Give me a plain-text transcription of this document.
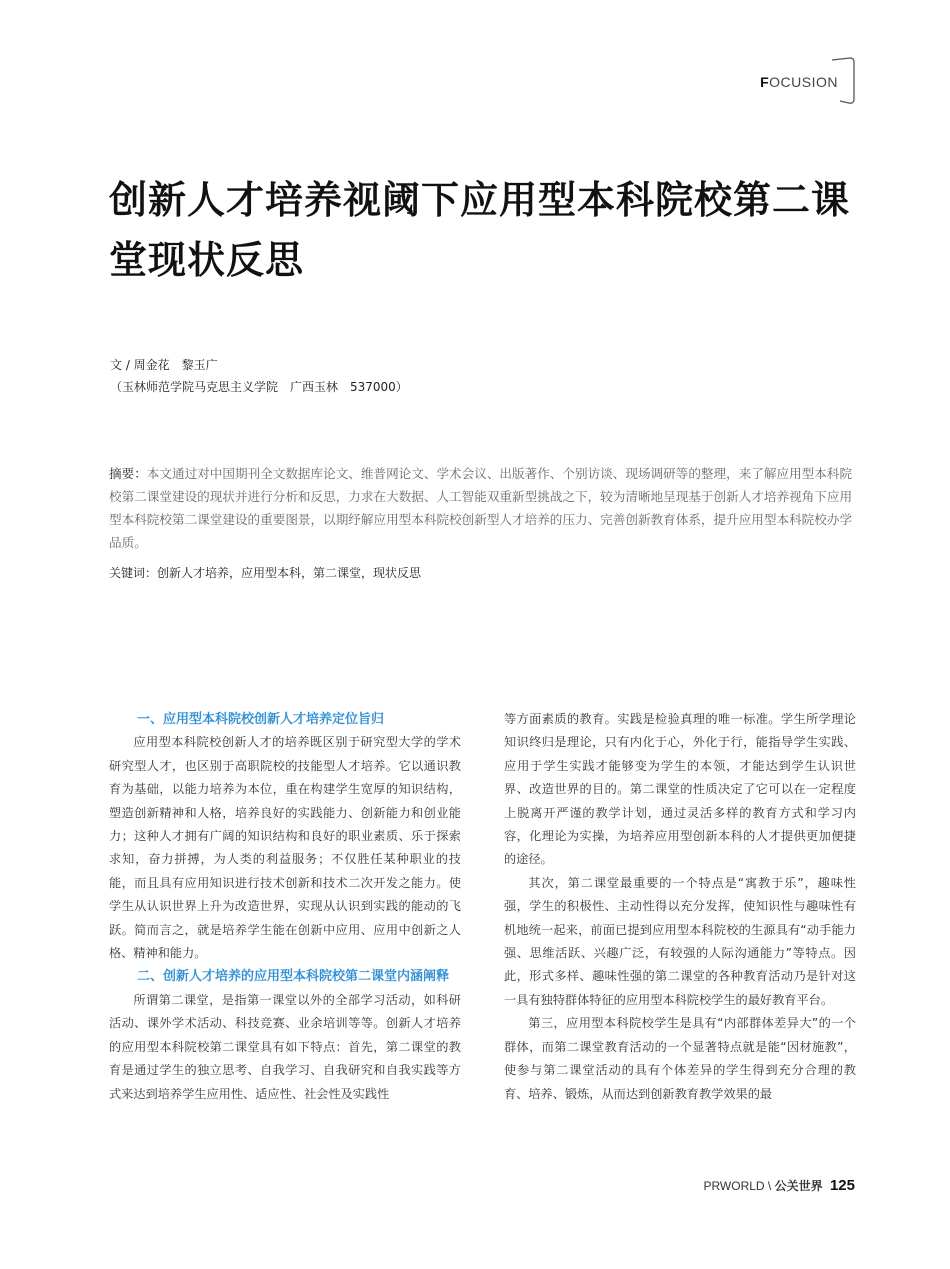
FOCUSION
创新人才培养视阈下应用型本科院校第二课堂现状反思
文 / 周金花　黎玉广
（玉林师范学院马克思主义学院　广西玉林　537000）

摘要：本文通过对中国期刊全文数据库论文、维普网论文、学术会议、出版著作、个别访谈、现场调研等的整理，来了解应用型本科院校第二课堂建设的现状并进行分析和反思，力求在大数据、人工智能双重新型挑战之下，较为清晰地呈现基于创新人才培养视角下应用型本科院校第二课堂建设的重要图景，以期纾解应用型本科院校创新型人才培养的压力、完善创新教育体系，提升应用型本科院校办学品质。

关键词：创新人才培养，应用型本科，第二课堂，现状反思
一、应用型本科院校创新人才培养定位旨归

应用型本科院校创新人才的培养既区别于研究型大学的学术研究型人才，也区别于高职院校的技能型人才培养。它以通识教育为基础，以能力培养为本位，重在构建学生宽厚的知识结构，塑造创新精神和人格，培养良好的实践能力、创新能力和创业能力；这种人才拥有广阔的知识结构和良好的职业素质、乐于探索求知，奋力拼搏，为人类的利益服务；不仅胜任某种职业的技能，而且具有应用知识进行技术创新和技术二次开发之能力。使学生从认识世界上升为改造世界，实现从认识到实践的能动的飞跃。简而言之，就是培养学生能在创新中应用、应用中创新之人格、精神和能力。

二、创新人才培养的应用型本科院校第二课堂内涵阐释

所谓第二课堂，是指第一课堂以外的全部学习活动，如科研活动、课外学术活动、科技竞赛、业余培训等等。创新人才培养的应用型本科院校第二课堂具有如下特点：首先，第二课堂的教育是通过学生的独立思考、自我学习、自我研究和自我实践等方式来达到培养学生应用性、适应性、社会性及实践性

等方面素质的教育。实践是检验真理的唯一标准。学生所学理论知识终归是理论，只有内化于心，外化于行，能指导学生实践、应用于学生实践才能够变为学生的本领，才能达到学生认识世界、改造世界的目的。第二课堂的性质决定了它可以在一定程度上脱离开严谨的教学计划，通过灵活多样的教育方式和学习内容，化理论为实操，为培养应用型创新本科的人才提供更加便捷的途径。

其次，第二课堂最重要的一个特点是“寓教于乐”，趣味性强，学生的积极性、主动性得以充分发挥，使知识性与趣味性有机地统一起来，前面已提到应用型本科院校的生源具有“动手能力强、思维活跃、兴趣广泛，有较强的人际沟通能力”等特点。因此，形式多样、趣味性强的第二课堂的各种教育活动乃是针对这一具有独特群体特征的应用型本科院校学生的最好教育平台。

第三，应用型本科院校学生是具有“内部群体差异大”的一个群体，而第二课堂教育活动的一个显著特点就是能“因材施教”，使参与第二课堂活动的具有个体差异的学生得到充分合理的教育、培养、锻炼，从而达到创新教育教学效果的最

PRWORLD \ 公关世界 125
